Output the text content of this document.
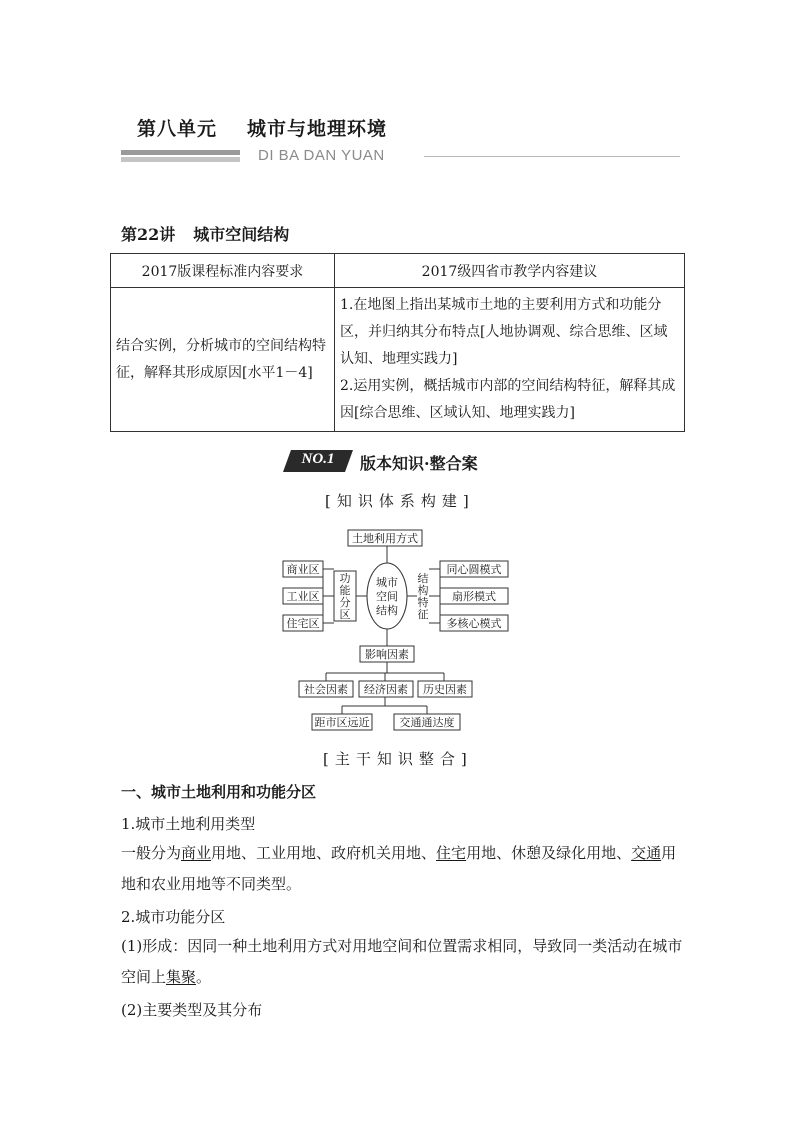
第八单元 城市与地理环境
DI BA DAN YUAN
第22讲 城市空间结构
2017版课程标准内容要求	2017级四省市教学内容建议
结合实例，分析城市的空间结构特征，解释其形成原因[水平1－4]	1.在地图上指出某城市土地的主要利用方式和功能分区，并归纳其分布特点[人地协调观、综合思维、区域认知、地理实践力]
2.运用实例，概括城市内部的空间结构特征，解释其成因[综合思维、区域认知、地理实践力]
NO.1	版本知识·整合案
[知识体系构建]
土地利用方式
商业区
工业区
住宅区
功
能
分
区
城市
空间
结构
结
构
特
征
同心圆模式
扇形模式
多核心模式
影响因素
社会因素 经济因素 历史因素
距市区远近	交通通达度
[主干知识整合]
一、城市土地利用和功能分区
1.城市土地利用类型
一般分为商业用地、工业用地、政府机关用地、住宅用地、休憩及绿化用地、交通用地和农业用地等不同类型。
2.城市功能分区
(1)形成：因同一种土地利用方式对用地空间和位置需求相同，导致同一类活动在城市空间上集聚。
(2)主要类型及其分布
